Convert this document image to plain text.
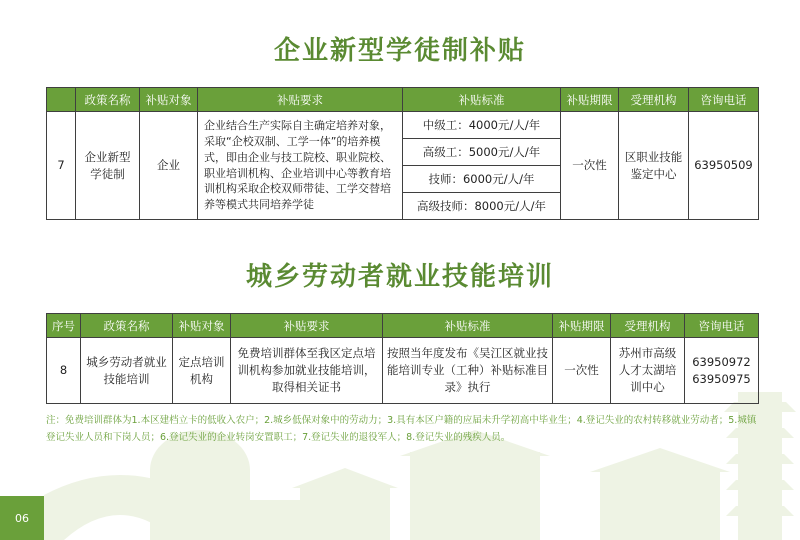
企业新型学徒制补贴
	政策名称	补贴对象	补贴要求	补贴标准	补贴期限	受理机构	咨询电话
7	企业新型学徒制	企业	企业结合生产实际自主确定培养对象，采取“企校双制、工学一体”的培养模式，即由企业与技工院校、职业院校、职业培训机构、企业培训中心等教育培训机构采取企校双师带徒、工学交替培养等模式共同培养学徒	中级工：4000元/人/年	一次性	区职业技能鉴定中心	63950509
				高级工：5000元/人/年			
				技师：6000元/人/年			
				高级技师：8000元/人/年			
城乡劳动者就业技能培训
序号	政策名称	补贴对象	补贴要求	补贴标准	补贴期限	受理机构	咨询电话
8	城乡劳动者就业技能培训	定点培训机构	免费培训群体至我区定点培训机构参加就业技能培训，取得相关证书	按照当年度发布《吴江区就业技能培训专业（工种）补贴标准目录》执行	一次性	苏州市高级人才太湖培训中心	63950972
63950975
注：免费培训群体为1.本区建档立卡的低收入农户；2.城乡低保对象中的劳动力；3.具有本区户籍的应届未升学初高中毕业生；4.登记失业的农村转移就业劳动者；5.城镇登记失业人员和下岗人员；6.登记失业的企业转岗安置职工；7.登记失业的退役军人；8.登记失业的残疾人员。
06
